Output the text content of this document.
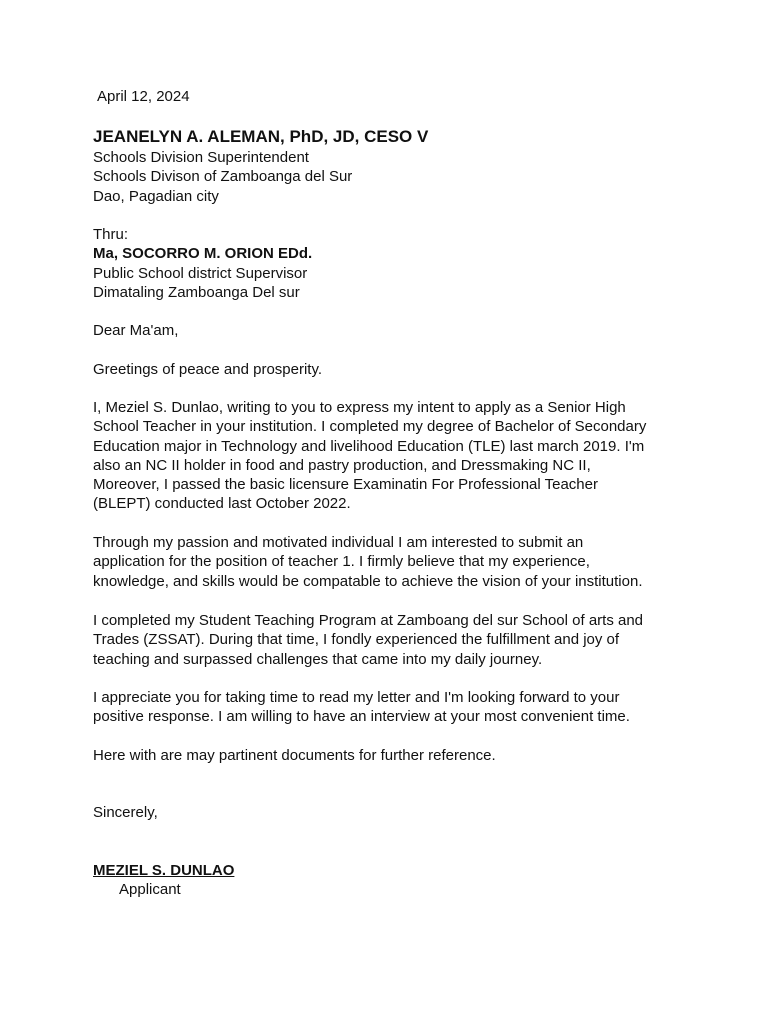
April 12, 2024
JEANELYN A. ALEMAN, PhD, JD, CESO V
Schools Division Superintendent
Schools Divison of Zamboanga del Sur
Dao, Pagadian city
Thru:
Ma, SOCORRO M. ORION EDd.
Public School district Supervisor
Dimataling Zamboanga Del sur
Dear Ma'am,
Greetings of peace and prosperity.
I, Meziel S. Dunlao, writing to you to express my intent to apply as a Senior High
School Teacher in your institution. I completed my degree of Bachelor of Secondary
Education major in Technology and livelihood Education (TLE) last march 2019. I'm
also an NC II holder in food and pastry production, and Dressmaking NC II,
Moreover, I passed the basic licensure Examinatin For Professional Teacher
(BLEPT) conducted last October 2022.
Through my passion and motivated individual I am interested to submit an
application for the position of teacher 1. I firmly believe that my experience,
knowledge, and skills would be compatable to achieve the vision of your institution.
I completed my Student Teaching Program at Zamboang del sur School of arts and
Trades (ZSSAT). During that time, I fondly experienced the fulfillment and joy of
teaching and surpassed challenges that came into my daily journey.
I appreciate you for taking time to read my letter and I'm looking forward to your
positive response. I am willing to have an interview at your most convenient time.
Here with are may partinent documents for further reference.
Sincerely,
MEZIEL S. DUNLAO
Applicant
